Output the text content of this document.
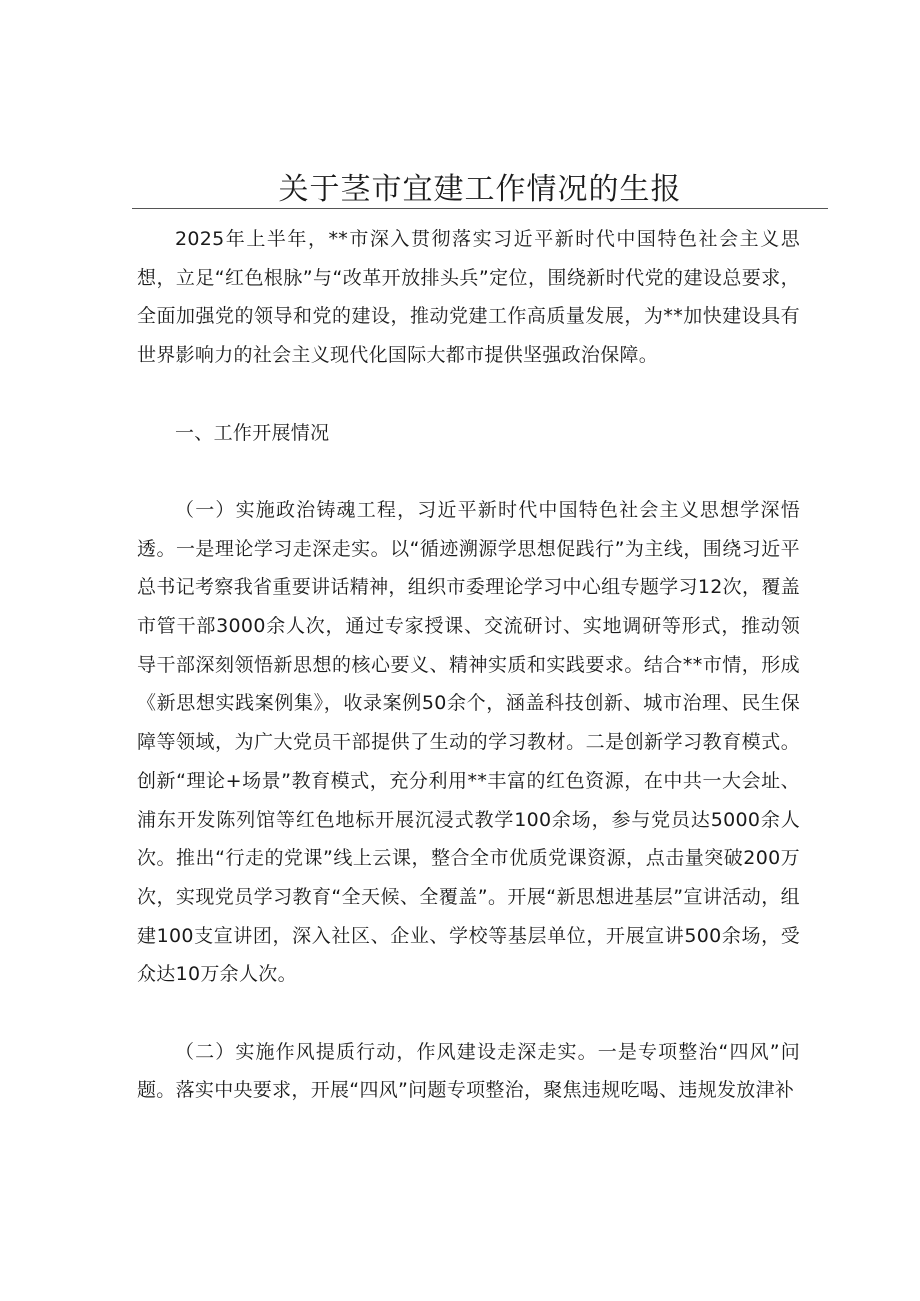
关于茎市宜建工作情况的生报

2025年上半年，**市深入贯彻落实习近平新时代中国特色社会主义思想，立足“红色根脉”与“改革开放排头兵”定位，围绕新时代党的建设总要求，全面加强党的领导和党的建设，推动党建工作高质量发展，为**加快建设具有世界影响力的社会主义现代化国际大都市提供坚强政治保障。

一、工作开展情况

（一）实施政治铸魂工程，习近平新时代中国特色社会主义思想学深悟透。一是理论学习走深走实。以“循迹溯源学思想促践行”为主线，围绕习近平总书记考察我省重要讲话精神，组织市委理论学习中心组专题学习12次，覆盖市管干部3000余人次，通过专家授课、交流研讨、实地调研等形式，推动领导干部深刻领悟新思想的核心要义、精神实质和实践要求。结合**市情，形成《新思想实践案例集》，收录案例50余个，涵盖科技创新、城市治理、民生保障等领域，为广大党员干部提供了生动的学习教材。二是创新学习教育模式。创新“理论+场景”教育模式，充分利用**丰富的红色资源，在中共一大会址、浦东开发陈列馆等红色地标开展沉浸式教学100余场，参与党员达5000余人次。推出“行走的党课”线上云课，整合全市优质党课资源，点击量突破200万次，实现党员学习教育“全天候、全覆盖”。开展“新思想进基层”宣讲活动，组建100支宣讲团，深入社区、企业、学校等基层单位，开展宣讲500余场，受众达10万余人次。

（二）实施作风提质行动，作风建设走深走实。一是专项整治“四风”问题。落实中央要求，开展“四风”问题专项整治，聚焦违规吃喝、违规发放津补
